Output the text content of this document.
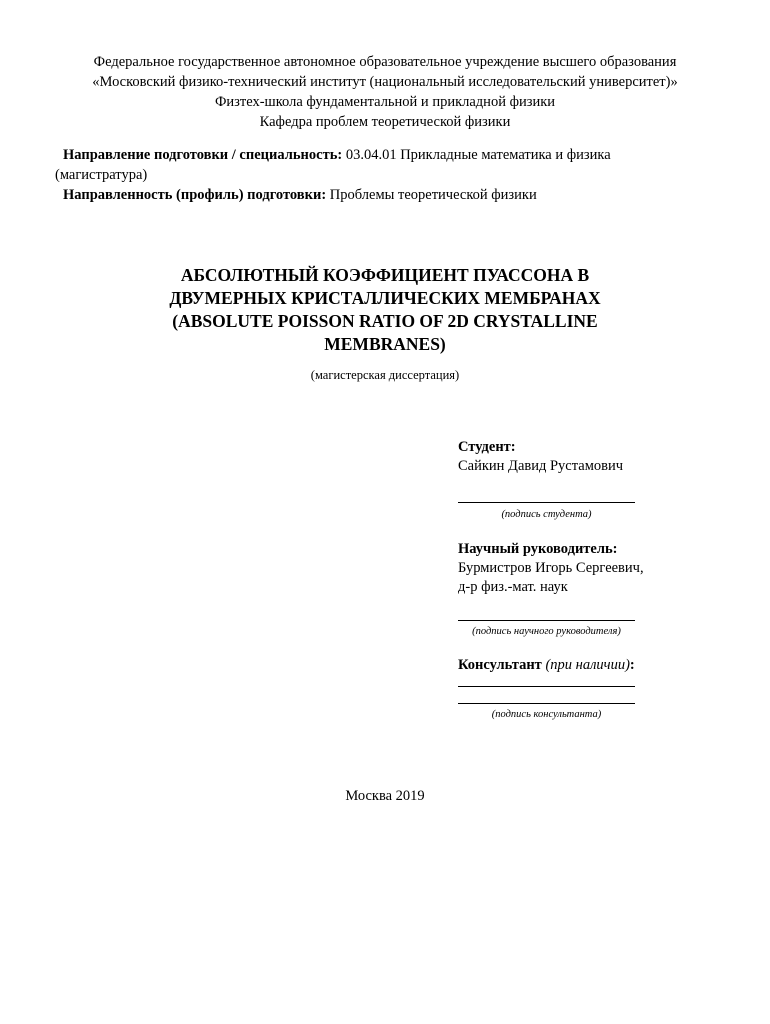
Федеральное государственное автономное образовательное учреждение высшего образования
«Московский физико-технический институт (национальный исследовательский университет)»
Физтех-школа фундаментальной и прикладной физики
Кафедра проблем теоретической физики
Направление подготовки / специальность: 03.04.01 Прикладные математика и физика
(магистратура)
Направленность (профиль) подготовки: Проблемы теоретической физики
АБСОЛЮТНЫЙ КОЭФФИЦИЕНТ ПУАССОНА В
ДВУМЕРНЫХ КРИСТАЛЛИЧЕСКИХ МЕМБРАНАХ
(ABSOLUTE POISSON RATIO OF 2D CRYSTALLINE
MEMBRANES)
(магистерская диссертация)
Студент:
Сайкин Давид Рустамович
(подпись студента)
Научный руководитель:
Бурмистров Игорь Сергеевич,
д-р физ.-мат. наук
(подпись научного руководителя)
Консультант (при наличии):
(подпись консультанта)
Москва 2019
